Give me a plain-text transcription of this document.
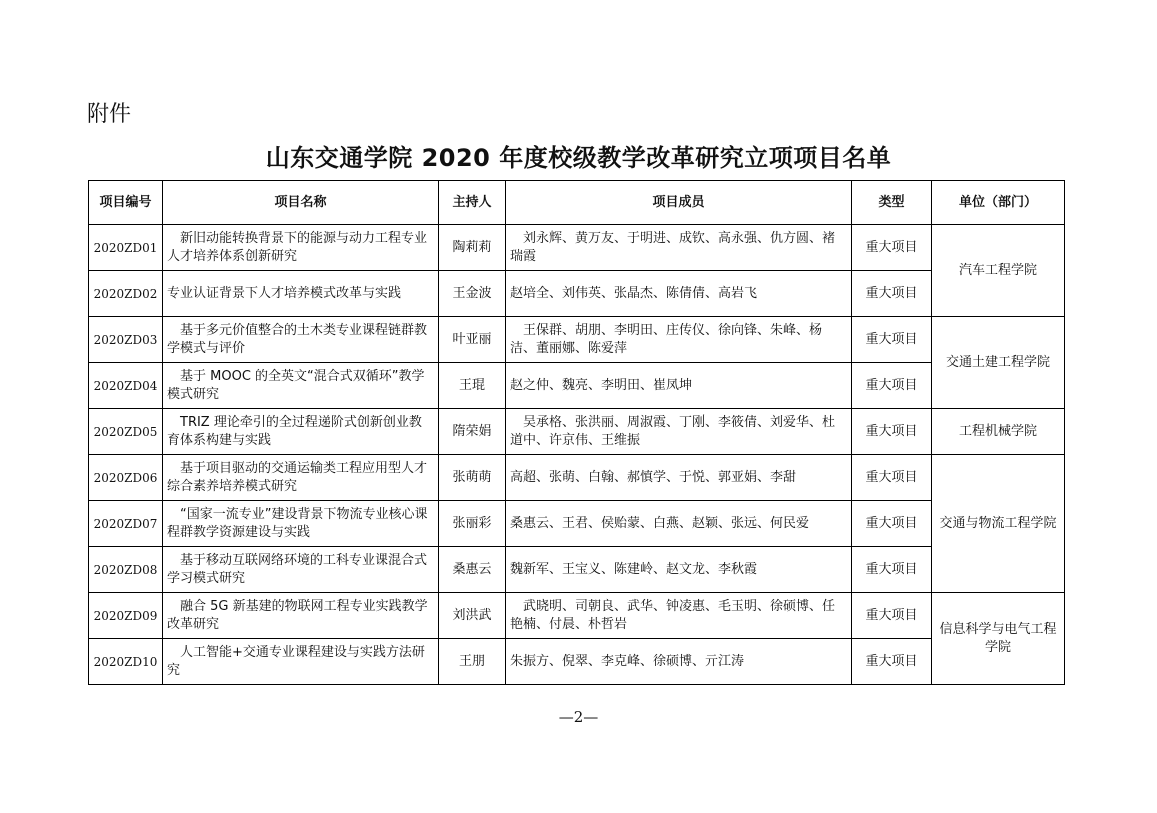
附件
山东交通学院 2020 年度校级教学改革研究立项项目名单
项目编号	项目名称	主持人	项目成员	类型	单位（部门）
2020ZD01	　新旧动能转换背景下的能源与动力工程专业人才培养体系创新研究	陶莉莉	　刘永辉、黄万友、于明进、成钦、高永强、仇方圆、褚瑞霞	重大项目	汽车工程学院
2020ZD02	专业认证背景下人才培养模式改革与实践	王金波	赵培全、刘伟英、张晶杰、陈倩倩、高岩飞	重大项目	
2020ZD03	　基于多元价值整合的土木类专业课程链群教学模式与评价	叶亚丽	　王保群、胡朋、李明田、庄传仪、徐向锋、朱峰、杨洁、董丽娜、陈爱萍	重大项目	交通土建工程学院
2020ZD04	　基于 MOOC 的全英文“混合式双循环”教学模式研究	王琨	赵之仲、魏亮、李明田、崔凤坤	重大项目	
2020ZD05	　TRIZ 理论牵引的全过程递阶式创新创业教育体系构建与实践	隋荣娟	　吴承格、张洪丽、周淑霞、丁刚、李筱倩、刘爱华、杜道中、许京伟、王维振	重大项目	工程机械学院
2020ZD06	　基于项目驱动的交通运输类工程应用型人才综合素养培养模式研究	张萌萌	高超、张萌、白翰、郝慎学、于悦、郭亚娟、李甜	重大项目	交通与物流工程学院
2020ZD07	　“国家一流专业”建设背景下物流专业核心课程群教学资源建设与实践	张丽彩	桑惠云、王君、侯贻蒙、白燕、赵颖、张远、何民爱	重大项目	
2020ZD08	　基于移动互联网络环境的工科专业课混合式学习模式研究	桑惠云	魏新军、王宝义、陈建岭、赵文龙、李秋霞	重大项目	
2020ZD09	　融合 5G 新基建的物联网工程专业实践教学改革研究	刘洪武	　武晓明、司朝良、武华、钟凌惠、毛玉明、徐硕博、任艳楠、付晨、朴哲岩	重大项目	信息科学与电气工程学院
2020ZD10	　人工智能+交通专业课程建设与实践方法研究	王朋	朱振方、倪翠、李克峰、徐硕博、亓江涛	重大项目	
—2—
